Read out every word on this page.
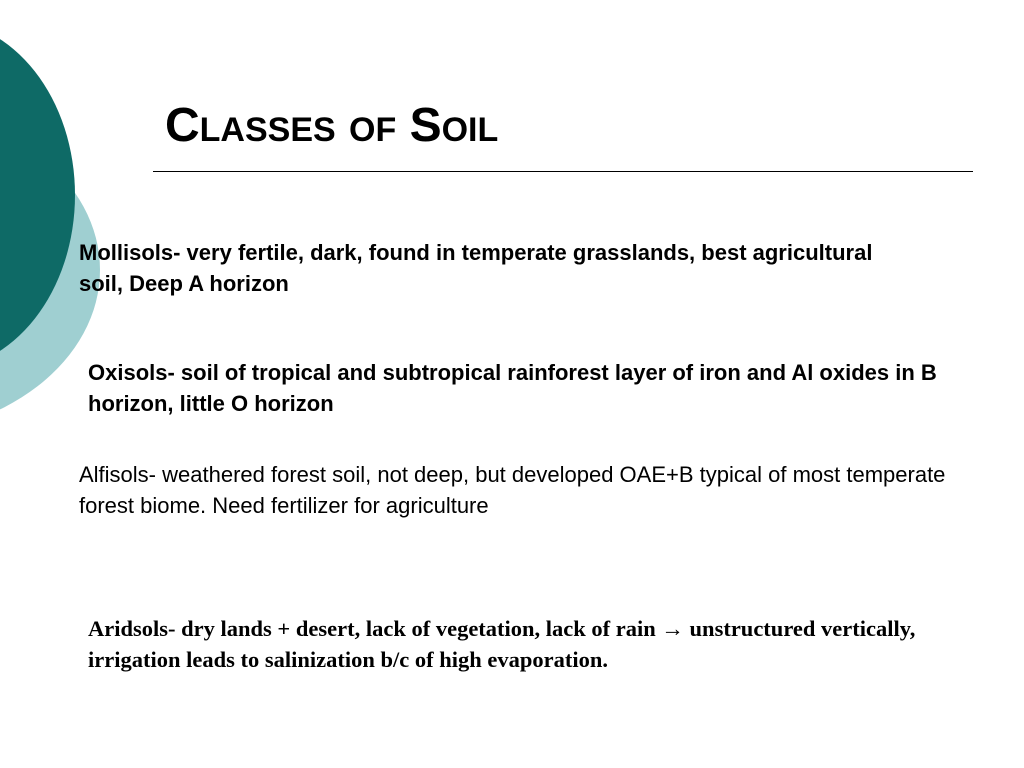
Classes of Soil

Mollisols- very fertile, dark, found in temperate grasslands, best agricultural soil, Deep A horizon

Oxisols- soil of tropical and subtropical rainforest layer of iron and Al oxides in B horizon, little O horizon

Alfisols- weathered forest soil, not deep, but developed OAE+B typical of most temperate forest biome. Need fertilizer for agriculture

Aridsols- dry lands + desert, lack of vegetation, lack of rain → unstructured vertically, irrigation leads to salinization b/c of high evaporation.
